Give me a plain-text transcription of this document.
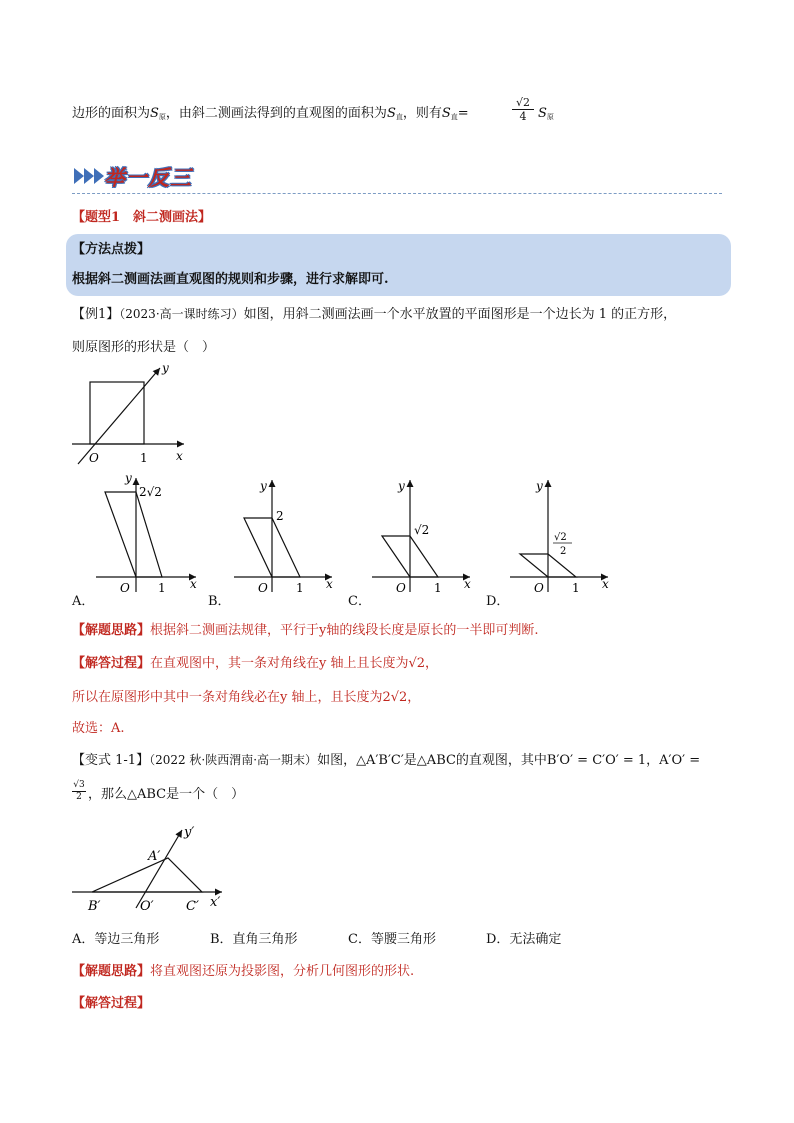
边形的面积为$S_原$，由斜二测画法得到的直观图的面积为$S_直$，则有$S_直=$	$\frac{√2}{4} S_原$
举一反三
【题型1　斜二测画法】
【方法点拨】
根据斜二测画法画直观图的规则和步骤，进行求解即可.
【例1】（2023·高一课时练习）如图，用斜二测画法画一个水平放置的平面图形是一个边长为 1 的正方形，
则原图形的形状是（　）
y
x
O	1
y
2√2
O 1 x
A．
y
2
O 1 x
B．
y
√2
O 1 x
C．
y
√2
2
O 1 x
D．
【解题思路】根据斜二测画法规律，平行于y轴的线段长度是原长的一半即可判断.
【解答过程】在直观图中，其一条对角线在y 轴上且长度为√2，
所以在原图形中其中一条对角线必在y 轴上，且长度为2√2，
故选：A.
【变式 1-1】（2022 秋·陕西渭南·高一期末）如图，△A′B′C′是△ABC的直观图，其中B′O′ = C′O′ = 1，A′O′ =
$\frac{√3}{2}$ ，那么△ABC是一个（　）
y′
x′
A′
B′	O′ C′
A．等边三角形	B．直角三角形	C．等腰三角形	D．无法确定
【解题思路】将直观图还原为投影图，分析几何图形的形状.
【解答过程】
